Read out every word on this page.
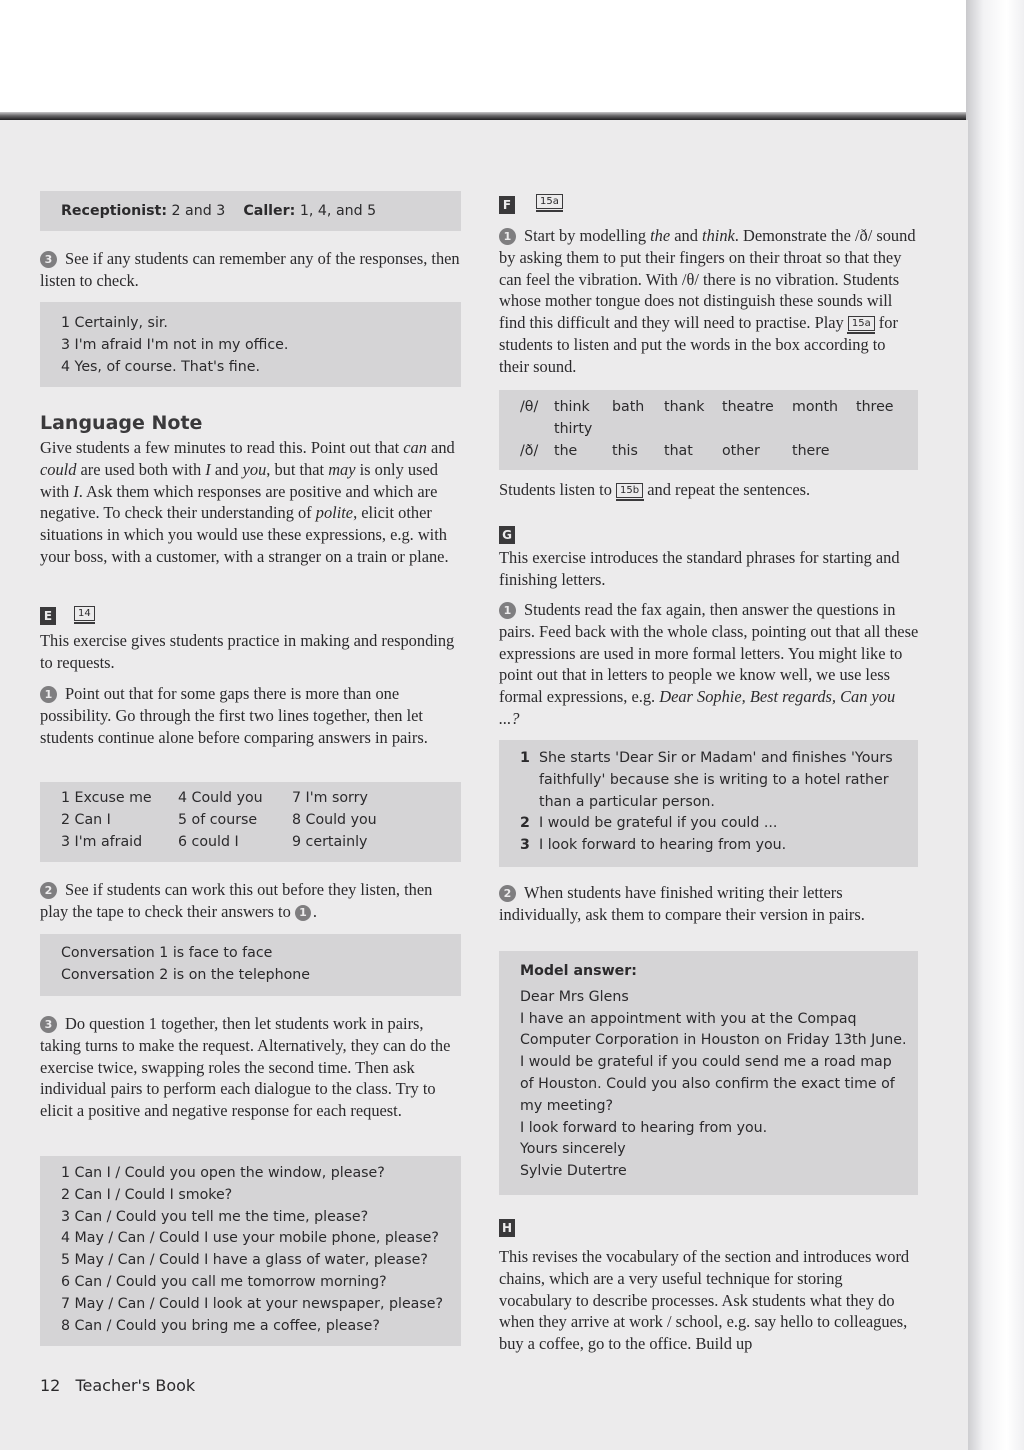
Receptionist: 2 and 3 Caller: 1, 4, and 5

3 See if any students can remember any of the responses, then listen to check.

1 Certainly, sir.
3 I'm afraid I'm not in my office.
4 Yes, of course. That's fine.
Language Note

Give students a few minutes to read this. Point out that can and could are used both with I and you, but that may is only used with I. Ask them which responses are positive and which are negative. To check their understanding of polite, elicit other situations in which you would use these expressions, e.g. with your boss, with a customer, with a stranger on a train or plane.

E	14

This exercise gives students practice in making and responding to requests.

1 Point out that for some gaps there is more than one possibility. Go through the first two lines together, then let students continue alone before comparing answers in pairs.

1 Excuse me	4 Could you	7 I'm sorry
2 Can I	5 of course	8 Could you
3 I'm afraid	6 could I	9 certainly

2 See if students can work this out before they listen, then play the tape to check their answers to 1 .

Conversation 1 is face to face
Conversation 2 is on the telephone

3 Do question 1 together, then let students work in pairs, taking turns to make the request. Alternatively, they can do the exercise twice, swapping roles the second time. Then ask individual pairs to perform each dialogue to the class. Try to elicit a positive and negative response for each request.

1 Can I / Could you open the window, please?
2 Can I / Could I smoke?
3 Can / Could you tell me the time, please?
4 May / Can / Could I use your mobile phone, please?
5 May / Can / Could I have a glass of water, please?
6 Can / Could you call me tomorrow morning?
7 May / Can / Could I look at your newspaper, please?
8 Can / Could you bring me a coffee, please?
12 Teacher's Book
F	15a

1 Start by modelling the and think. Demonstrate the /ð/ sound by asking them to put their fingers on their throat so that they can feel the vibration. With /θ/ there is no vibration. Students whose mother tongue does not distinguish these sounds will find this difficult and they will need to practise. Play 15a for students to listen and put the words in the box according to their sound.

/θ/	think	bath	thank	theatre	month	three
thirty
/ð/	the	this	that	other	there

Students listen to 15b and repeat the sentences.

G

This exercise introduces the standard phrases for starting and finishing letters.

1 Students read the fax again, then answer the questions in pairs. Feed back with the whole class, pointing out that all these expressions are used in more formal letters. You might like to point out that in letters to people we know well, we use less formal expressions, e.g. Dear Sophie, Best regards, Can you ...?

1 She starts 'Dear Sir or Madam' and finishes 'Yours
faithfully' because she is writing to a hotel rather
than a particular person.
2 I would be grateful if you could ...
3 I look forward to hearing from you.

2 When students have finished writing their letters individually, ask them to compare their version in pairs.

Model answer:
Dear Mrs Glens
I have an appointment with you at the Compaq
Computer Corporation in Houston on Friday 13th June.
I would be grateful if you could send me a road map
of Houston. Could you also confirm the exact time of
my meeting?
I look forward to hearing from you.
Yours sincerely
Sylvie Dutertre
H

This revises the vocabulary of the section and introduces word chains, which are a very useful technique for storing vocabulary to describe processes. Ask students what they do when they arrive at work / school, e.g. say hello to colleagues, buy a coffee, go to the office. Build up
